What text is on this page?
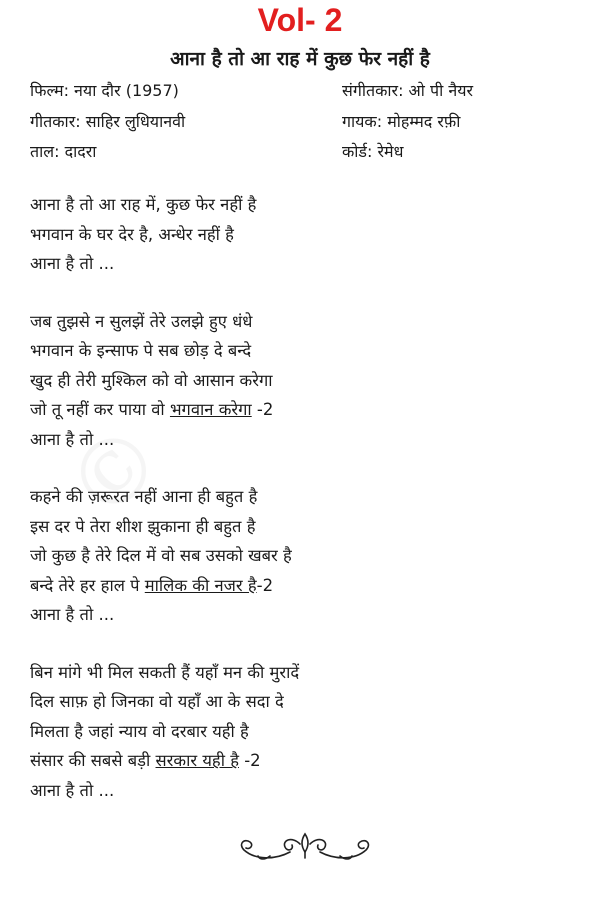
Vol- 2
आना है तो आ राह में कुछ फेर नहीं है
फिल्म: नया दौर (1957)	संगीतकार: ओ पी नैयर
गीतकार: साहिर लुधियानवी	गायक: मोहम्मद रफ़ी
ताल: दादरा	कोर्ड: रेमेध
आना है तो आ राह में, कुछ फेर नहीं है
भगवान के घर देर है, अन्धेर नहीं है
आना है तो ...
जब तुझसे न सुलझें तेरे उलझे हुए धंधे
भगवान के इन्साफ पे सब छोड़ दे बन्दे
खुद ही तेरी मुश्किल को वो आसान करेगा
जो तू नहीं कर पाया वो भगवान करेगा -2
आना है तो ...
कहने की ज़रूरत नहीं आना ही बहुत है
इस दर पे तेरा शीश झुकाना ही बहुत है
जो कुछ है तेरे दिल में वो सब उसको खबर है
बन्दे तेरे हर हाल पे मालिक की नजर है-2
आना है तो ...
बिन मांगे भी मिल सकती हैं यहाँ मन की मुरादें
दिल साफ़ हो जिनका वो यहाँ आ के सदा दे
मिलता है जहां न्याय वो दरबार यही है
संसार की सबसे बड़ी सरकार यही है -2
आना है तो ...
